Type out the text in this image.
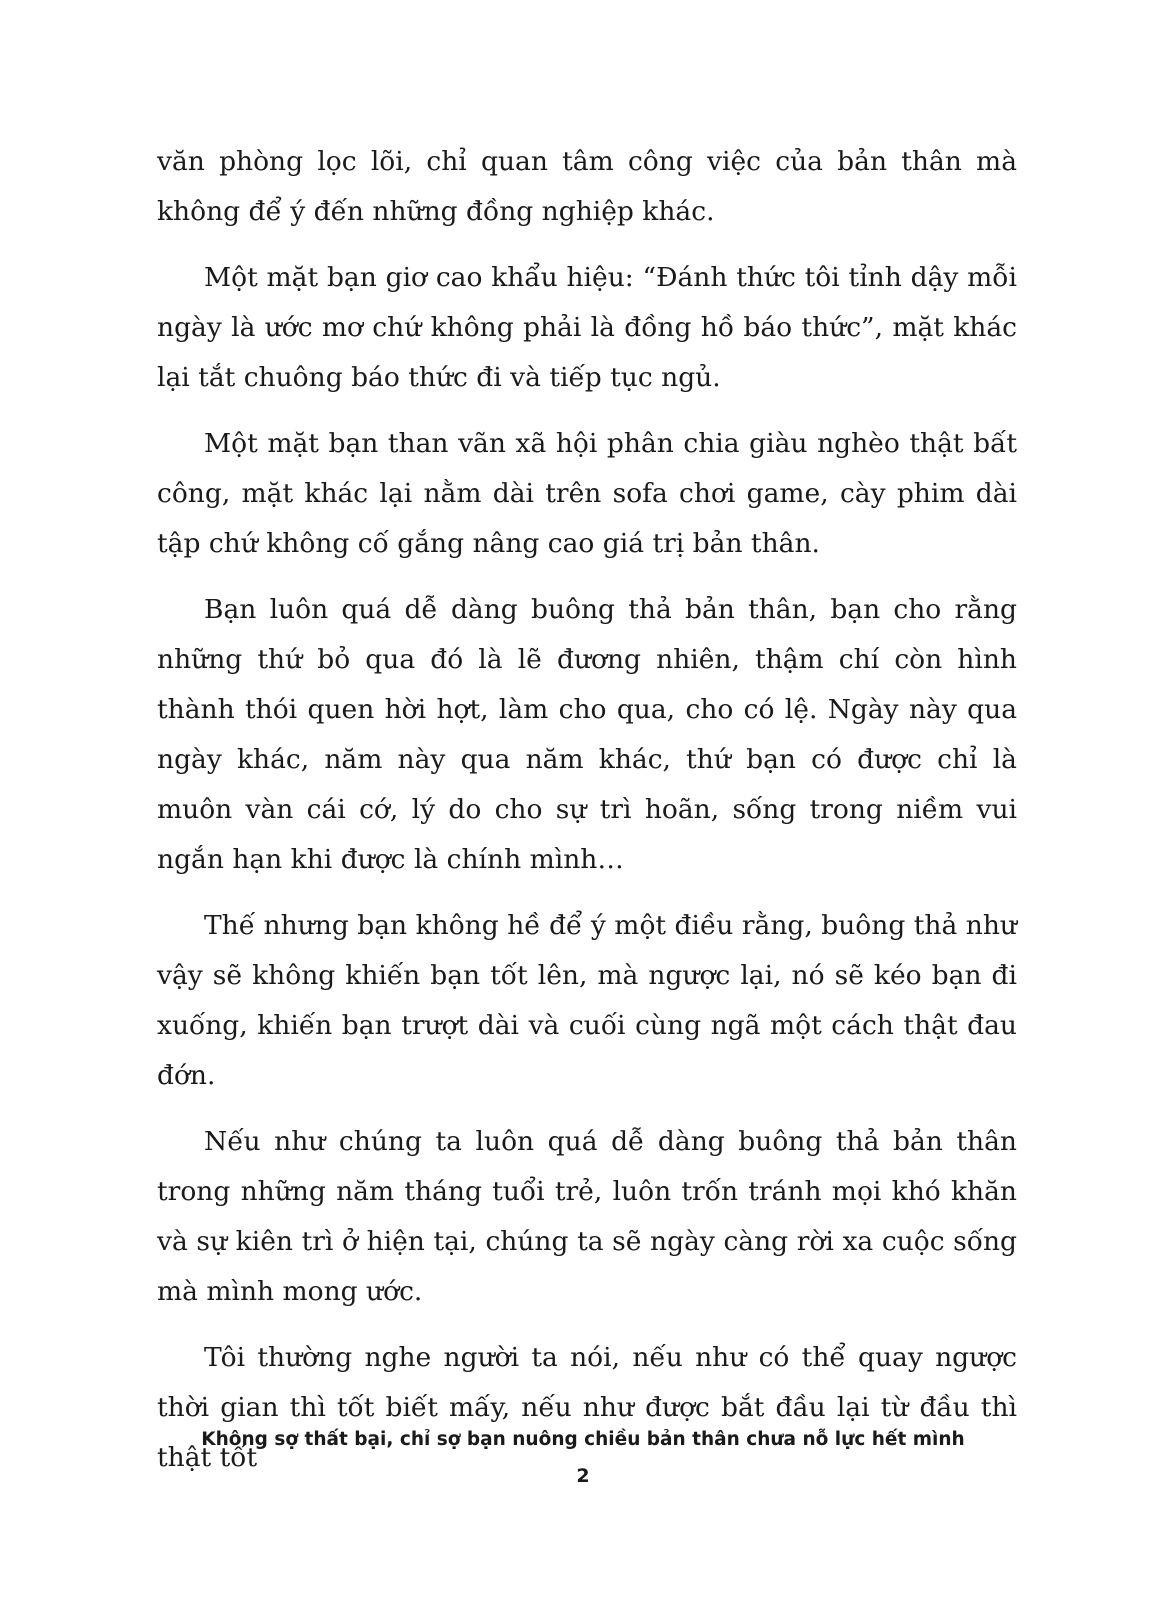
văn phòng lọc lõi, chỉ quan tâm công việc của bản thân mà không để ý đến những đồng nghiệp khác.

Một mặt bạn giơ cao khẩu hiệu: “Đánh thức tôi tỉnh dậy mỗi ngày là ước mơ chứ không phải là đồng hồ báo thức”, mặt khác lại tắt chuông báo thức đi và tiếp tục ngủ.

Một mặt bạn than vãn xã hội phân chia giàu nghèo thật bất công, mặt khác lại nằm dài trên sofa chơi game, cày phim dài tập chứ không cố gắng nâng cao giá trị bản thân.

Bạn luôn quá dễ dàng buông thả bản thân, bạn cho rằng những thứ bỏ qua đó là lẽ đương nhiên, thậm chí còn hình thành thói quen hời hợt, làm cho qua, cho có lệ. Ngày này qua ngày khác, năm này qua năm khác, thứ bạn có được chỉ là muôn vàn cái cớ, lý do cho sự trì hoãn, sống trong niềm vui ngắn hạn khi được là chính mình…

Thế nhưng bạn không hề để ý một điều rằng, buông thả như vậy sẽ không khiến bạn tốt lên, mà ngược lại, nó sẽ kéo bạn đi xuống, khiến bạn trượt dài và cuối cùng ngã một cách thật đau đớn.

Nếu như chúng ta luôn quá dễ dàng buông thả bản thân trong những năm tháng tuổi trẻ, luôn trốn tránh mọi khó khăn và sự kiên trì ở hiện tại, chúng ta sẽ ngày càng rời xa cuộc sống mà mình mong ước.

Tôi thường nghe người ta nói, nếu như có thể quay ngược thời gian thì tốt biết mấy, nếu như được bắt đầu lại từ đầu thì thật tốt

Không sợ thất bại, chỉ sợ bạn nuông chiều bản thân chưa nỗ lực hết mình
2
